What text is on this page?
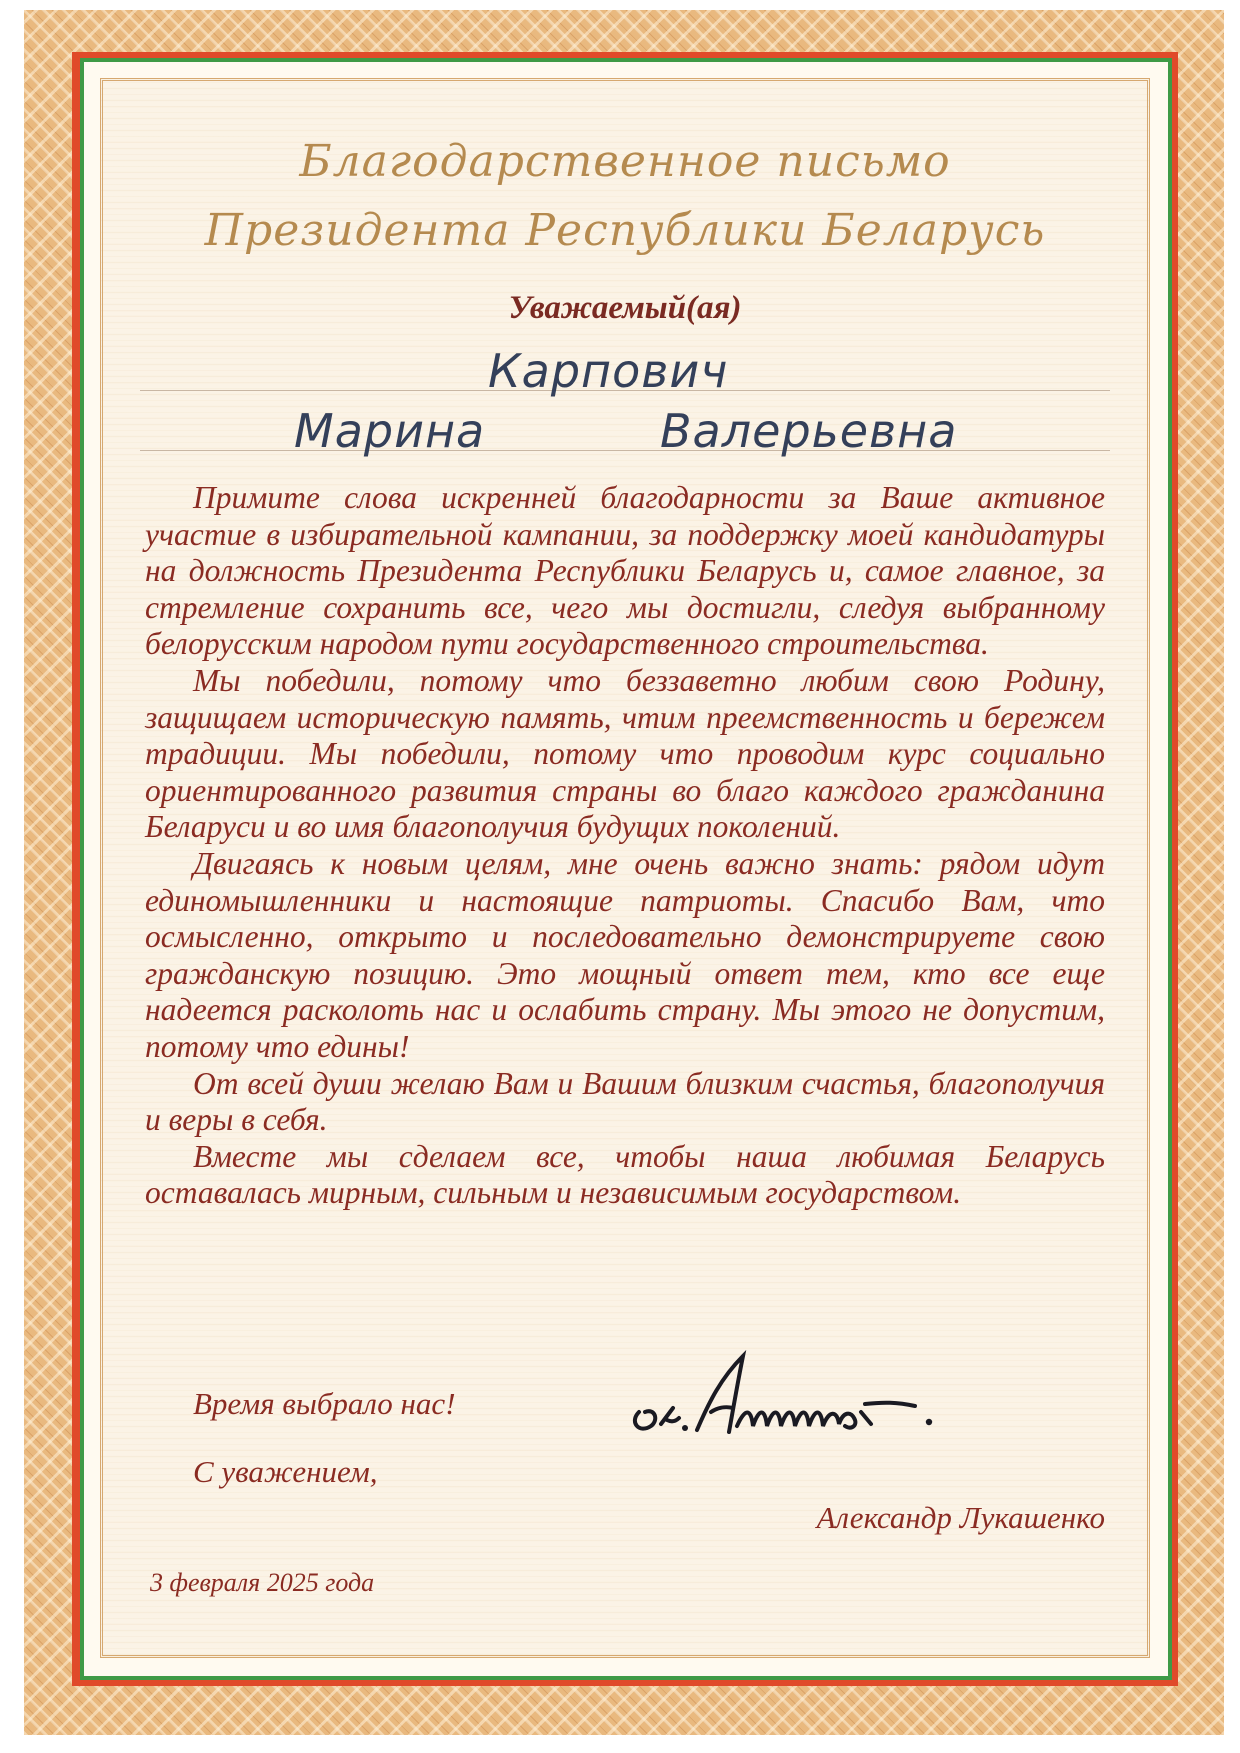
Благодарственное письмо
Президента Республики Беларусь
Уважаемый(ая)
Карпович
Марина	Валерьевна

Примите слова искренней благодарности за Ваше активное участие в избирательной кампании, за поддержку моей кандидатуры на должность Президента Республики Беларусь и, самое главное, за стремление сохранить все, чего мы достигли, следуя выбранному белорусским народом пути государственного строительства.

Мы победили, потому что беззаветно любим свою Родину, защищаем историческую память, чтим преемственность и бережем традиции. Мы победили, потому что проводим курс социально ориентированного развития страны во благо каждого гражданина Беларуси и во имя благополучия будущих поколений.

Двигаясь к новым целям, мне очень важно знать: рядом идут единомышленники и настоящие патриоты. Спасибо Вам, что осмысленно, открыто и последовательно демонстрируете свою гражданскую позицию. Это мощный ответ тем, кто все еще надеется расколоть нас и ослабить страну. Мы этого не допустим, потому что едины!

От всей души желаю Вам и Вашим близким счастья, благополучия и веры в себя.

Вместе мы сделаем все, чтобы наша любимая Беларусь оставалась мирным, сильным и независимым государством.

Время выбрало нас!
С уважением,
Александр Лукашенко
3 февраля 2025 года
